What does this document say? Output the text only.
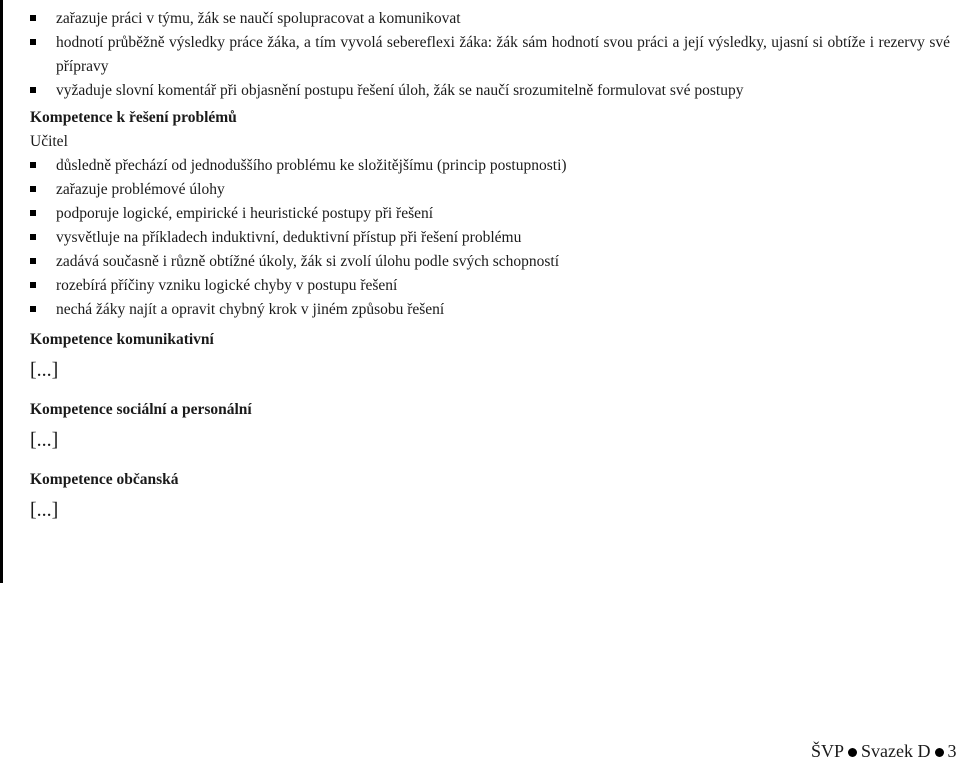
zařazuje práci v týmu, žák se naučí spolupracovat a komunikovat
hodnotí průběžně výsledky práce žáka, a tím vyvolá sebereflexi žáka: žák sám hodnotí svou práci a její výsledky, ujasní si obtíže i rezervy své přípravy
vyžaduje slovní komentář při objasnění postupu řešení úloh, žák se naučí srozumitelně formulovat své postupy
Kompetence k řešení problémů
Učitel
důsledně přechází od jednoduššího problému ke složitějšímu (princip postupnosti)
zařazuje problémové úlohy
podporuje logické, empirické i heuristické postupy při řešení
vysvětluje na příkladech induktivní, deduktivní přístup při řešení problému
zadává současně i různě obtížné úkoly, žák si zvolí úlohu podle svých schopností
rozebírá příčiny vzniku logické chyby v postupu řešení
nechá žáky najít a opravit chybný krok v jiném způsobu řešení
Kompetence komunikativní
[...]
Kompetence sociální a personální
[...]
Kompetence občanská
[...]
ŠVP Svazek D 3
